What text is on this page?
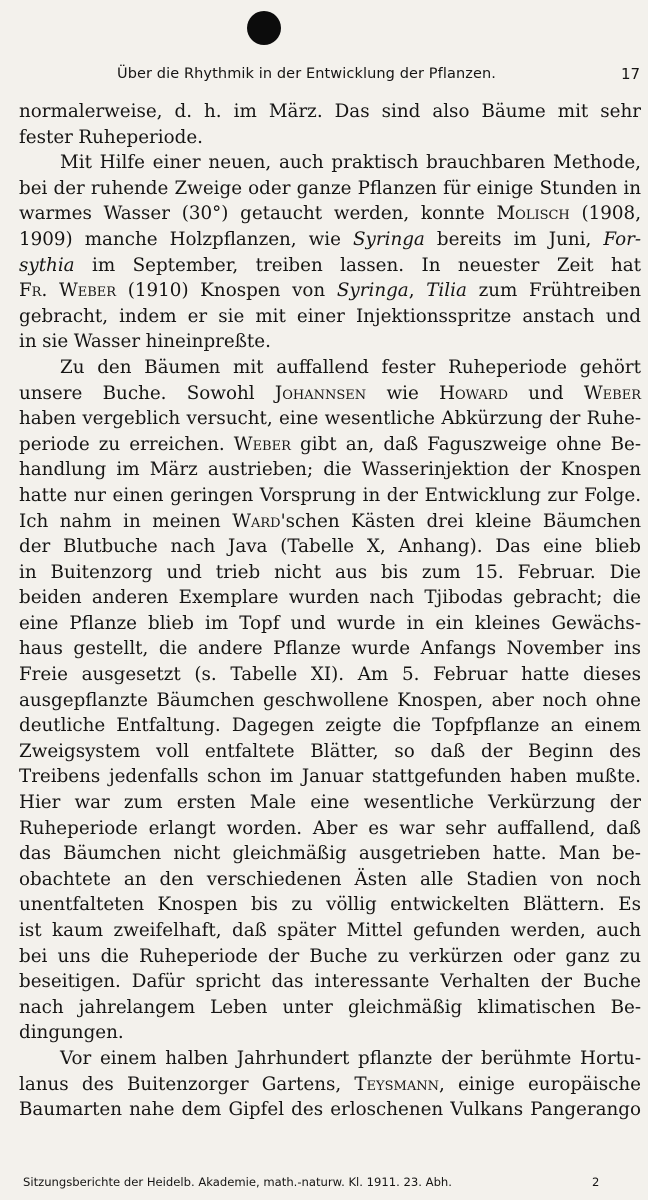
Über die Rhythmik in der Entwicklung der Pflanzen.	17
normalerweise, d. h. im März. Das sind also Bäume mit sehr
fester Ruheperiode.
Mit Hilfe einer neuen, auch praktisch brauchbaren Methode,
bei der ruhende Zweige oder ganze Pflanzen für einige Stunden in
warmes Wasser (30°) getaucht werden, konnte Molisch (1908,
1909) manche Holzpflanzen, wie Syringa bereits im Juni, For-
sythia im September, treiben lassen. In neuester Zeit hat
Fr. Weber (1910) Knospen von Syringa, Tilia zum Frühtreiben
gebracht, indem er sie mit einer Injektionsspritze anstach und
in sie Wasser hineinpreßte.
Zu den Bäumen mit auffallend fester Ruheperiode gehört
unsere Buche. Sowohl Johannsen wie Howard und Weber
haben vergeblich versucht, eine wesentliche Abkürzung der Ruhe-
periode zu erreichen. Weber gibt an, daß Faguszweige ohne Be-
handlung im März austrieben; die Wasserinjektion der Knospen
hatte nur einen geringen Vorsprung in der Entwicklung zur Folge.
Ich nahm in meinen Ward'schen Kästen drei kleine Bäumchen
der Blutbuche nach Java (Tabelle X, Anhang). Das eine blieb
in Buitenzorg und trieb nicht aus bis zum 15. Februar. Die
beiden anderen Exemplare wurden nach Tjibodas gebracht; die
eine Pflanze blieb im Topf und wurde in ein kleines Gewächs-
haus gestellt, die andere Pflanze wurde Anfangs November ins
Freie ausgesetzt (s. Tabelle XI). Am 5. Februar hatte dieses
ausgepflanzte Bäumchen geschwollene Knospen, aber noch ohne
deutliche Entfaltung. Dagegen zeigte die Topfpflanze an einem
Zweigsystem voll entfaltete Blätter, so daß der Beginn des
Treibens jedenfalls schon im Januar stattgefunden haben mußte.
Hier war zum ersten Male eine wesentliche Verkürzung der
Ruheperiode erlangt worden. Aber es war sehr auffallend, daß
das Bäumchen nicht gleichmäßig ausgetrieben hatte. Man be-
obachtete an den verschiedenen Ästen alle Stadien von noch
unentfalteten Knospen bis zu völlig entwickelten Blättern. Es
ist kaum zweifelhaft, daß später Mittel gefunden werden, auch
bei uns die Ruheperiode der Buche zu verkürzen oder ganz zu
beseitigen. Dafür spricht das interessante Verhalten der Buche
nach jahrelangem Leben unter gleichmäßig klimatischen Be-
dingungen.
Vor einem halben Jahrhundert pflanzte der berühmte Hortu-
lanus des Buitenzorger Gartens, Teysmann, einige europäische
Baumarten nahe dem Gipfel des erloschenen Vulkans Pangerango
Sitzungsberichte der Heidelb. Akademie, math.-naturw. Kl. 1911. 23. Abh.	2
